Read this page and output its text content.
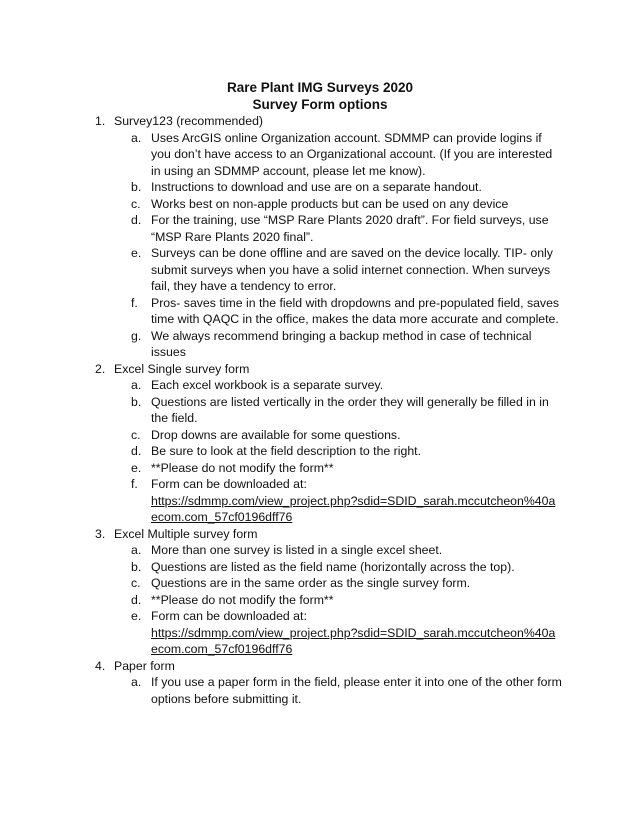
Rare Plant IMG Surveys 2020
Survey Form options
1. Survey123 (recommended)
a. Uses ArcGIS online Organization account. SDMMP can provide logins if you don’t have access to an Organizational account. (If you are interested in using an SDMMP account, please let me know).
b. Instructions to download and use are on a separate handout.
c. Works best on non-apple products but can be used on any device
d. For the training, use “MSP Rare Plants 2020 draft”. For field surveys, use “MSP Rare Plants 2020 final”.
e. Surveys can be done offline and are saved on the device locally. TIP- only submit surveys when you have a solid internet connection. When surveys fail, they have a tendency to error.
f. Pros- saves time in the field with dropdowns and pre-populated field, saves time with QAQC in the office, makes the data more accurate and complete.
g. We always recommend bringing a backup method in case of technical issues
2. Excel Single survey form
a. Each excel workbook is a separate survey.
b. Questions are listed vertically in the order they will generally be filled in in the field.
c. Drop downs are available for some questions.
d. Be sure to look at the field description to the right.
e. **Please do not modify the form**
f. Form can be downloaded at:
https://sdmmp.com/view_project.php?sdid=SDID_sarah.mccutcheon%40aecom.com_57cf0196dff76
3. Excel Multiple survey form
a. More than one survey is listed in a single excel sheet.
b. Questions are listed as the field name (horizontally across the top).
c. Questions are in the same order as the single survey form.
d. **Please do not modify the form**
e. Form can be downloaded at:
https://sdmmp.com/view_project.php?sdid=SDID_sarah.mccutcheon%40aecom.com_57cf0196dff76
4. Paper form
a. If you use a paper form in the field, please enter it into one of the other form options before submitting it.
